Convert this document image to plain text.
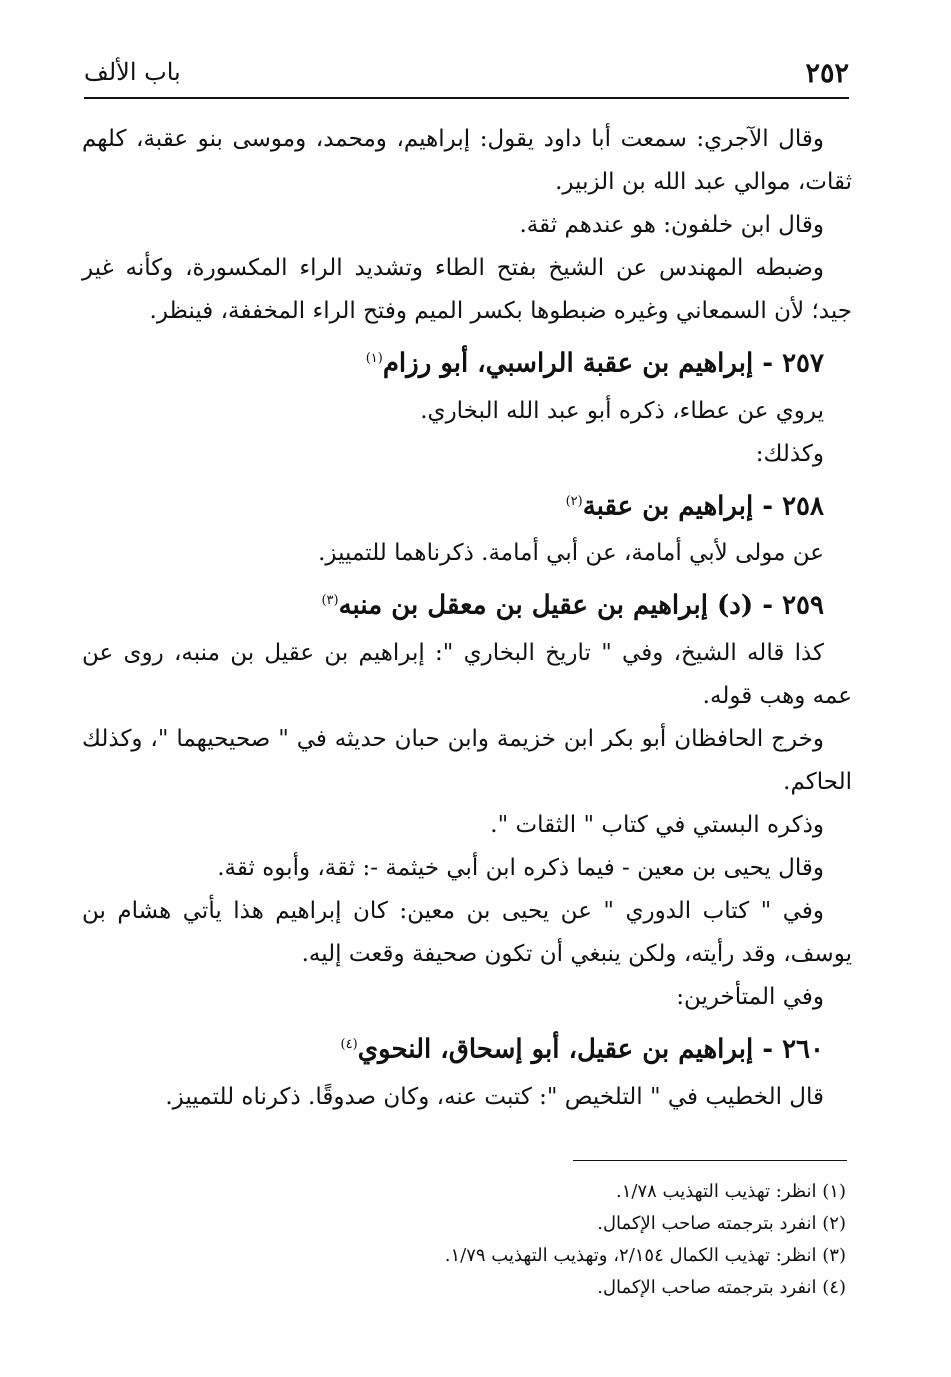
٢٥٢
باب الألف

وقال الآجري: سمعت أبا داود يقول: إبراهيم، ومحمد، وموسى بنو عقبة، كلهم ثقات، موالي عبد الله بن الزبير.

وقال ابن خلفون: هو عندهم ثقة.

وضبطه المهندس عن الشيخ بفتح الطاء وتشديد الراء المكسورة، وكأنه غير جيد؛ لأن السمعاني وغيره ضبطوها بكسر الميم وفتح الراء المخففة، فينظر.

٢٥٧ - إبراهيم بن عقبة الراسبي، أبو رزام$^{(١)}$

يروي عن عطاء، ذكره أبو عبد الله البخاري.

وكذلك:

٢٥٨ - إبراهيم بن عقبة$^{(٢)}$

عن مولى لأبي أمامة، عن أبي أمامة. ذكرناهما للتمييز.

٢٥٩ - (د) إبراهيم بن عقيل بن معقل بن منبه$^{(٣)}$

كذا قاله الشيخ، وفي " تاريخ البخاري ": إبراهيم بن عقيل بن منبه، روى عن عمه وهب قوله.

وخرج الحافظان أبو بكر ابن خزيمة وابن حبان حديثه في " صحيحيهما "، وكذلك الحاكم.

وذكره البستي في كتاب " الثقات ".

وقال يحيى بن معين - فيما ذكره ابن أبي خيثمة -: ثقة، وأبوه ثقة.

وفي " كتاب الدوري " عن يحيى بن معين: كان إبراهيم هذا يأتي هشام بن يوسف، وقد رأيته، ولكن ينبغي أن تكون صحيفة وقعت إليه.

وفي المتأخرين:

٢٦٠ - إبراهيم بن عقيل، أبو إسحاق، النحوي$^{(٤)}$

قال الخطيب في " التلخيص ": كتبت عنه، وكان صدوقًا. ذكرناه للتمييز.

(١) انظر: تهذيب التهذيب ١/٧٨.

(٢) انفرد بترجمته صاحب الإكمال.

(٣) انظر: تهذيب الكمال ٢/١٥٤، وتهذيب التهذيب ١/٧٩.

(٤) انفرد بترجمته صاحب الإكمال.
